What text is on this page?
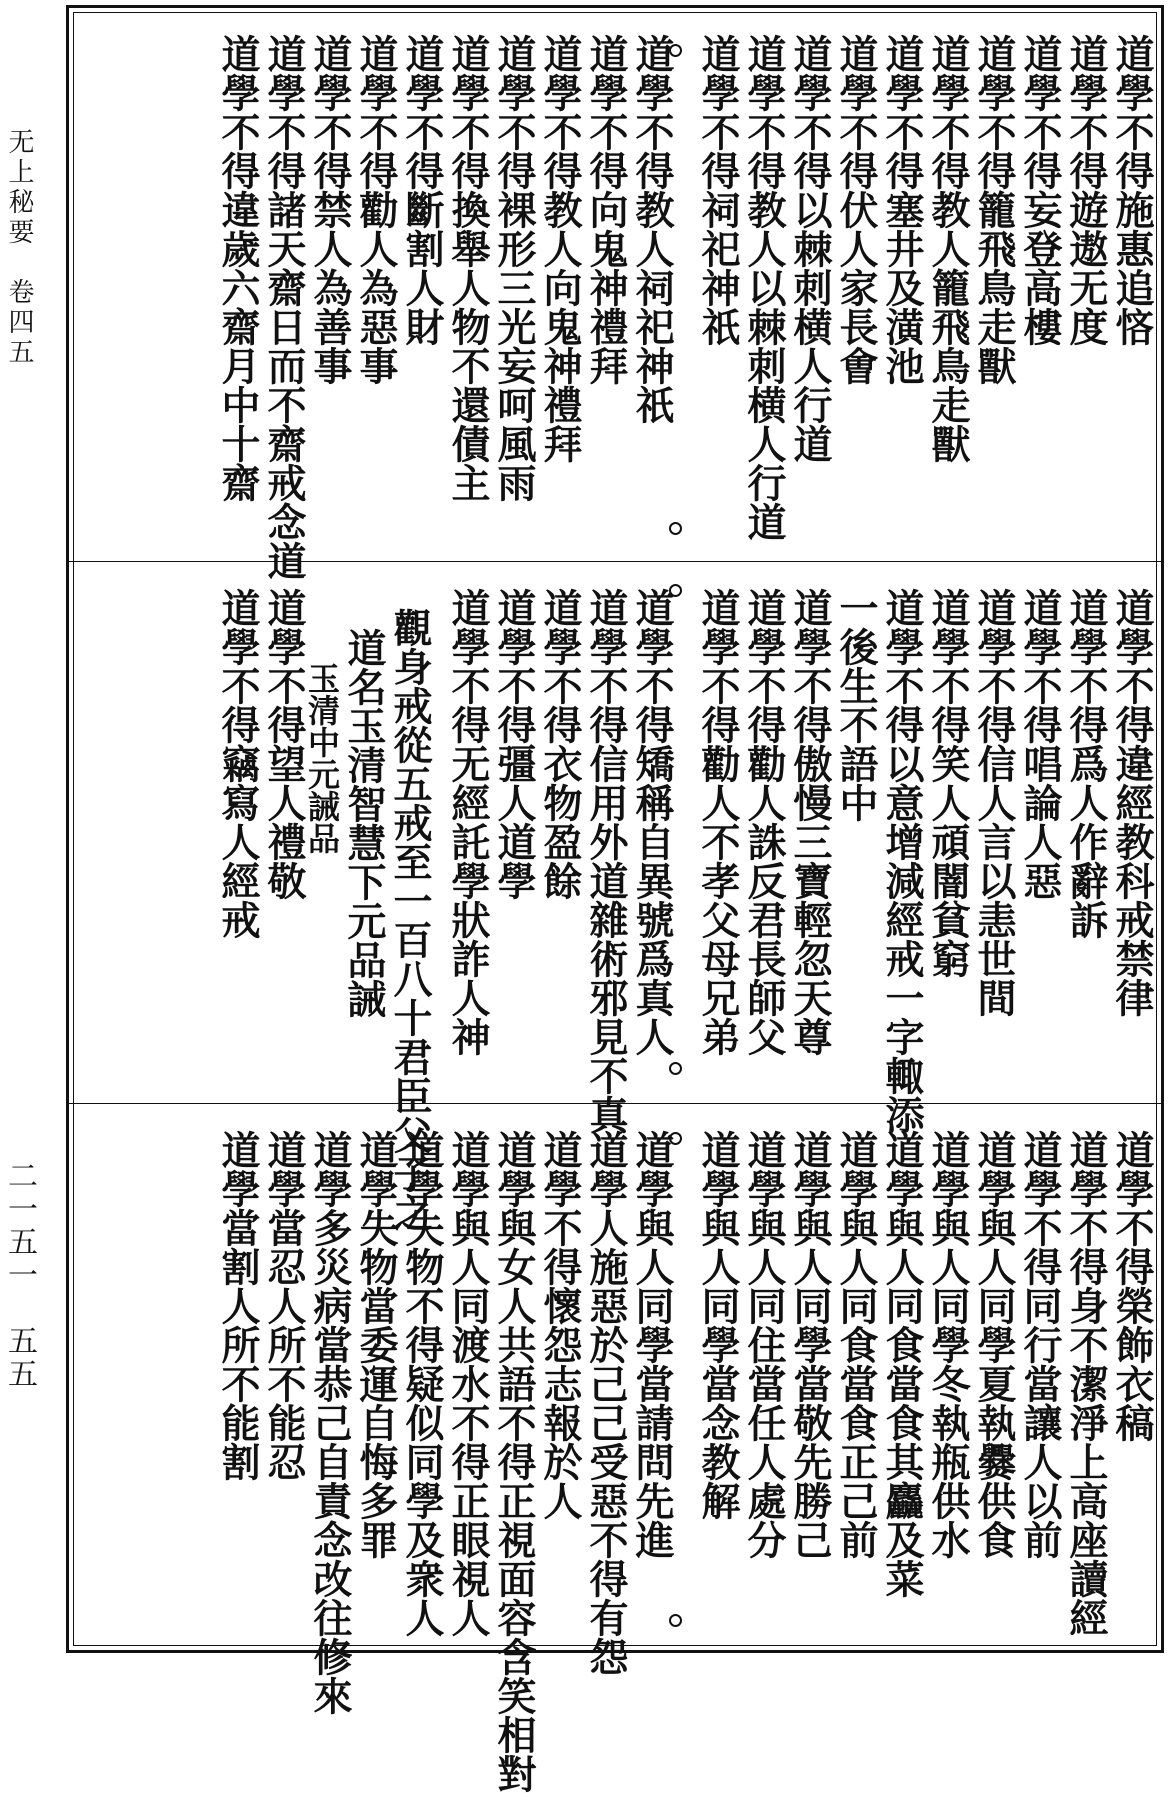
无上秘要　卷四五
二一五一　五五
道學不得施惠追悋
道學不得遊遨无度
道學不得妄登高樓
道學不得籠飛鳥走獸
道學不得教人籠飛鳥走獸
道學不得塞井及潢池
道學不得伏人家長㑹
道學不得以棘刺横人行道
道學不得教人以棘刺横人行道
道學不得祠祀神祇
道學不得教人祠祀神祇
道學不得向鬼神禮拜
道學不得教人向鬼神禮拜
道學不得裸形三光妄呵風雨
道學不得換舉人物不還債主
道學不得斷割人財
道學不得勸人為惡事
道學不得禁人為善事
道學不得諸天齋日而不齋戒念道
道學不得違歲六齋月中十齋
道學不得違經教科戒禁律
道學不得爲人作辭訴
道學不得唱論人惡
道學不得信人言以恚世間
道學不得笑人頑闇貧窮
道學不得以意增減經戒一字輙添
一後生不語中
道學不得傲慢三寶輕忽天尊
道學不得勸人誅反君長師父
道學不得勸人不孝父母兄弟
道學不得矯稱自異號爲真人
道學不得信用外道雜術邪見不真
道學不得衣物盈餘
道學不得彊人道學
道學不得无經託學狀詐人神
觀身戒從五戒至一百八十君臣父子之
道名玉清智慧下元品誡
玉清中元誡品
道學不得望人禮敬
道學不得竊寫人經戒
道學不得榮飾衣稿
道學不得身不潔淨上高座讀經
道學不得同行當讓人以前
道學與人同學夏執爨供食
道學與人同學冬執瓶供水
道學與人同食當食其麤及菜
道學與人同食當食正己前
道學與人同學當敬先勝己
道學與人同住當任人處分
道學與人同學當念教解
道學與人同學當請問先進
道學人施惡於己己受惡不得有怨
道學不得懷怨志報於人
道學與女人共語不得正視面容含笑相對
道學與人同渡水不得正眼視人
道學失物不得疑似同學及衆人
道學失物當委運自悔多罪
道學多災病當恭己自責念改往修來
道學當忍人所不能忍
道學當割人所不能割
